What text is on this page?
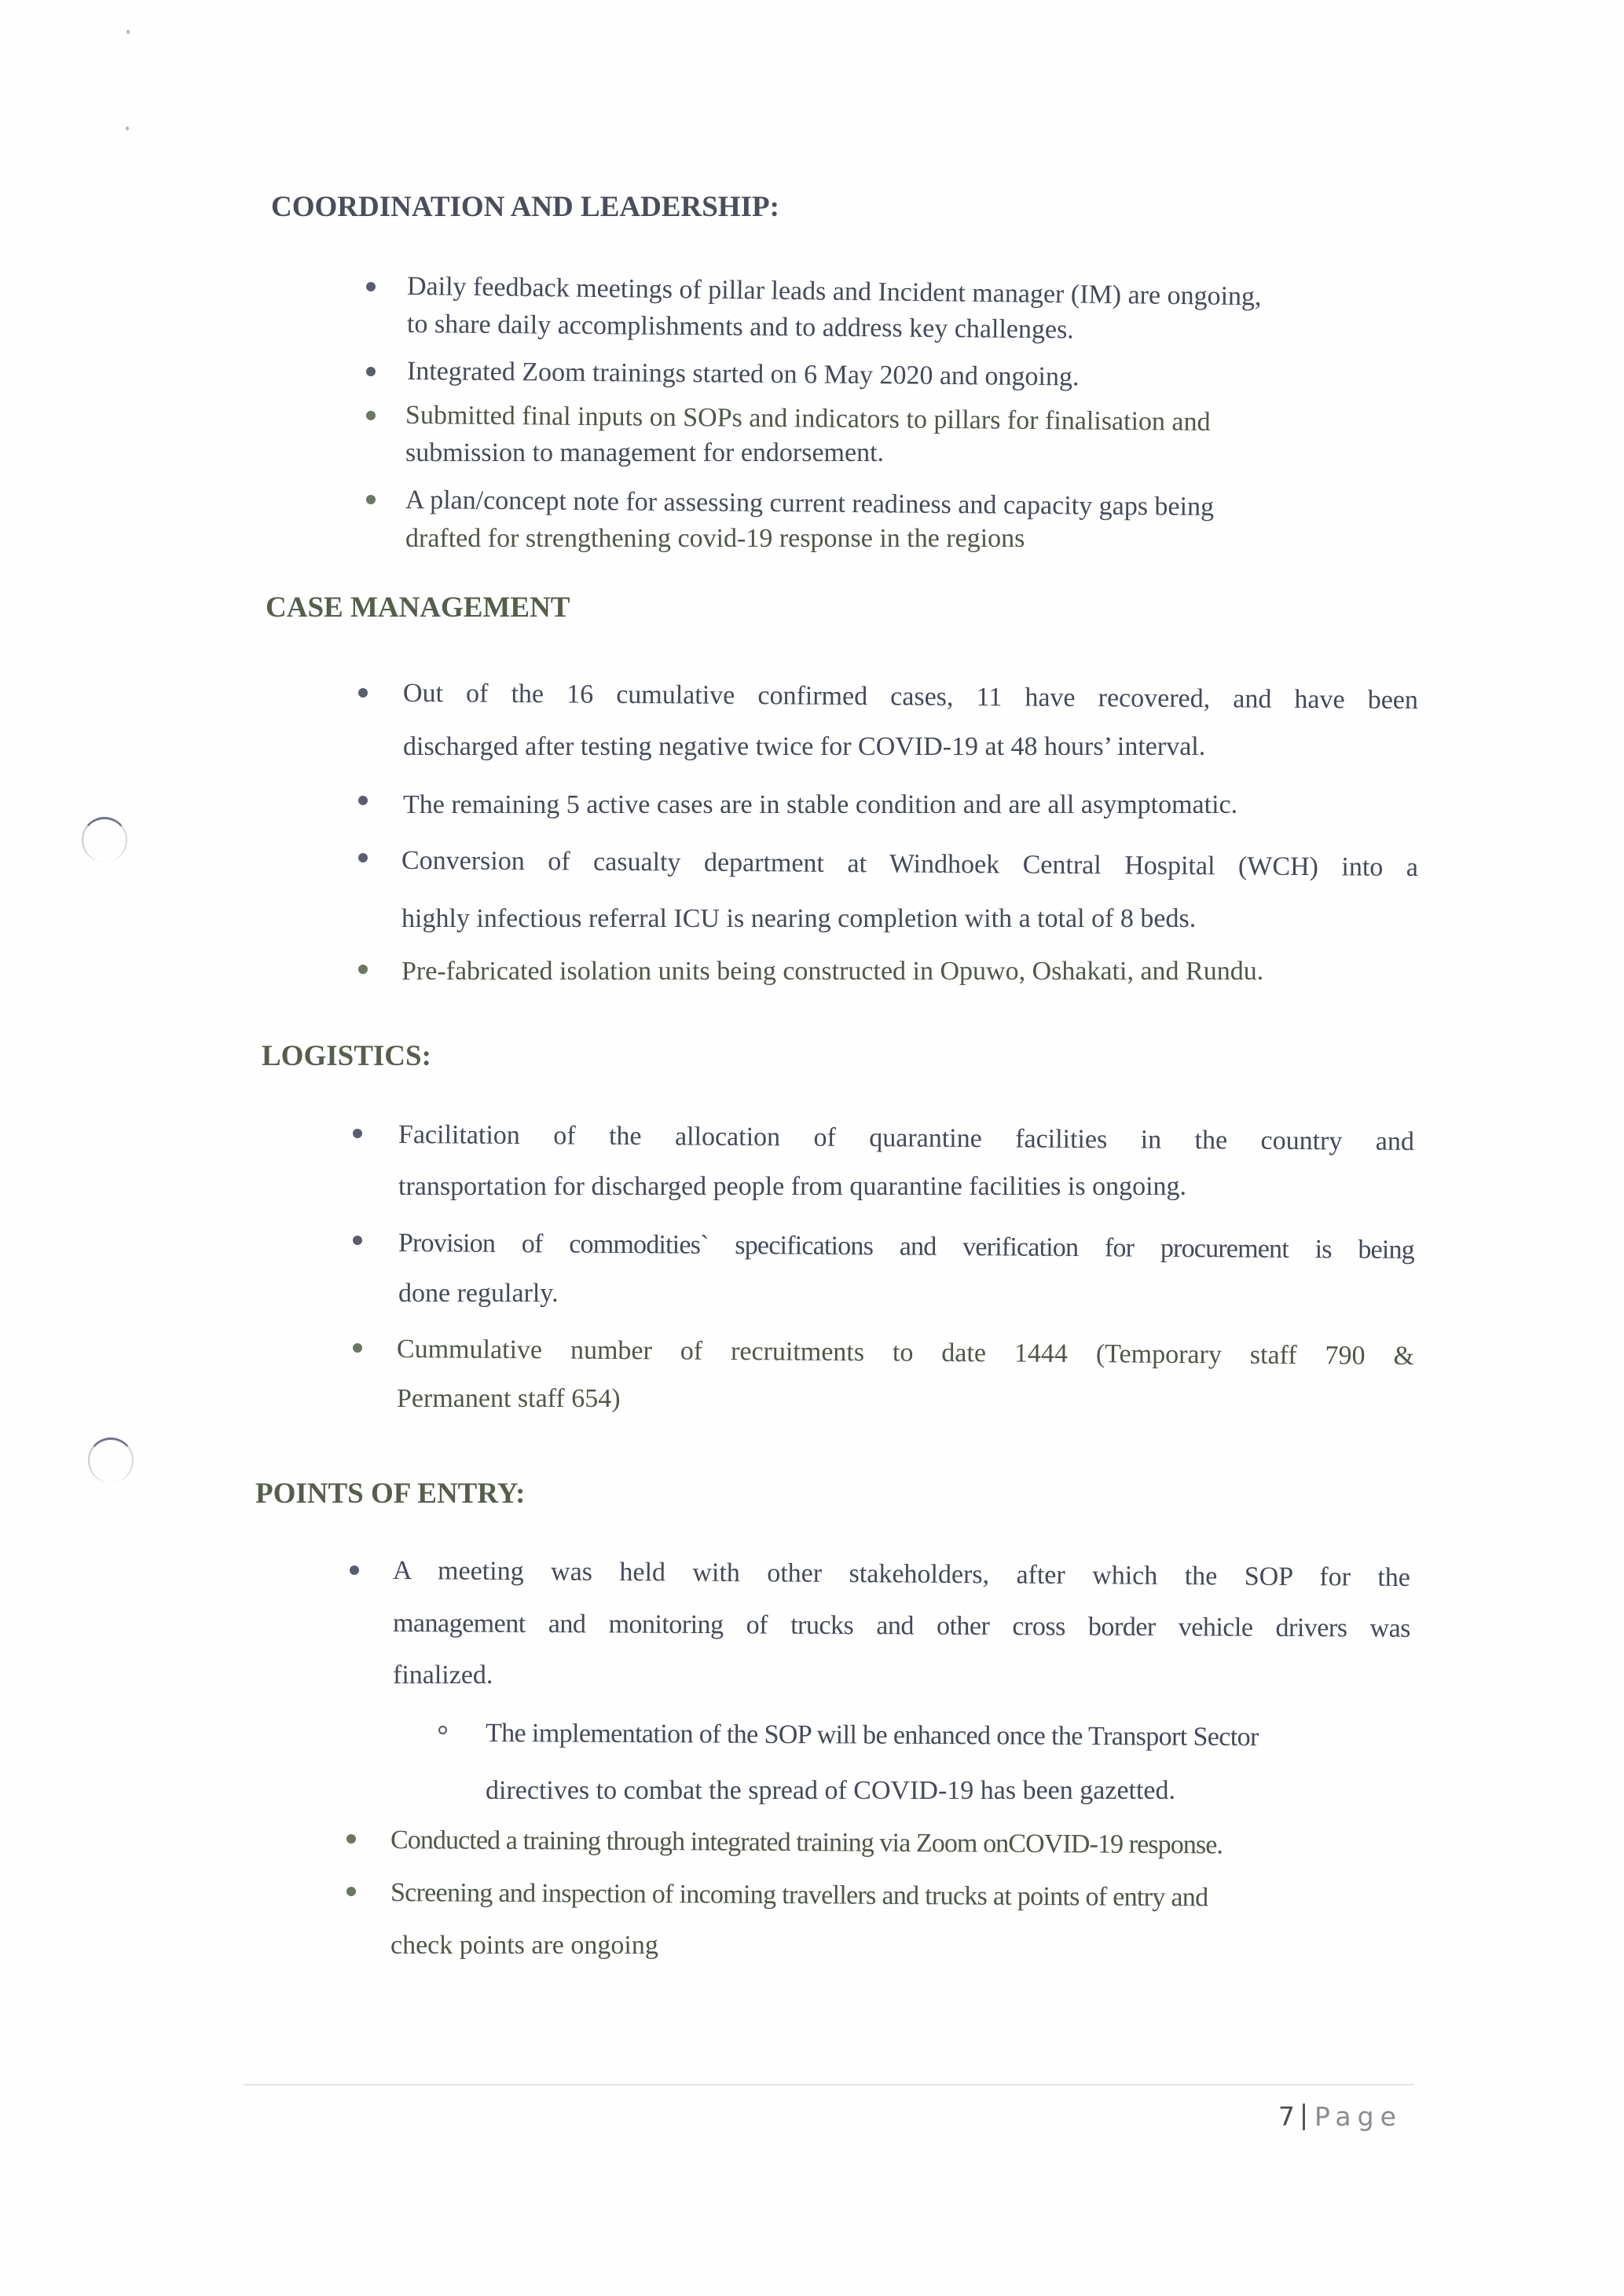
COORDINATION AND LEADERSHIP:
Daily feedback meetings of pillar leads and Incident manager (IM) are ongoing,
to share daily accomplishments and to address key challenges.
Integrated Zoom trainings started on 6 May 2020 and ongoing.
Submitted final inputs on SOPs and indicators to pillars for finalisation and
submission to management for endorsement.
A plan/concept note for assessing current readiness and capacity gaps being
drafted for strengthening covid-19 response in the regions
CASE MANAGEMENT
Out of the 16 cumulative confirmed cases, 11 have recovered, and have been
discharged after testing negative twice for COVID-19 at 48 hours’ interval.
The remaining 5 active cases are in stable condition and are all asymptomatic.
Conversion of casualty department at Windhoek Central Hospital (WCH) into a
highly infectious referral ICU is nearing completion with a total of 8 beds.
Pre-fabricated isolation units being constructed in Opuwo, Oshakati, and Rundu.
LOGISTICS:
Facilitation of the allocation of quarantine facilities in the country and
transportation for discharged people from quarantine facilities is ongoing.
Provision of commodities` specifications and verification for procurement is being
done regularly.
Cummulative number of recruitments to date 1444 (Temporary staff 790 &
Permanent staff 654)
POINTS OF ENTRY:
A meeting was held with other stakeholders, after which the SOP for the
management and monitoring of trucks and other cross border vehicle drivers was
finalized.
The implementation of the SOP will be enhanced once the Transport Sector
directives to combat the spread of COVID-19 has been gazetted.
Conducted a training through integrated training via Zoom onCOVID-19 response.
Screening and inspection of incoming travellers and trucks at points of entry and
check points are ongoing
7 Page
